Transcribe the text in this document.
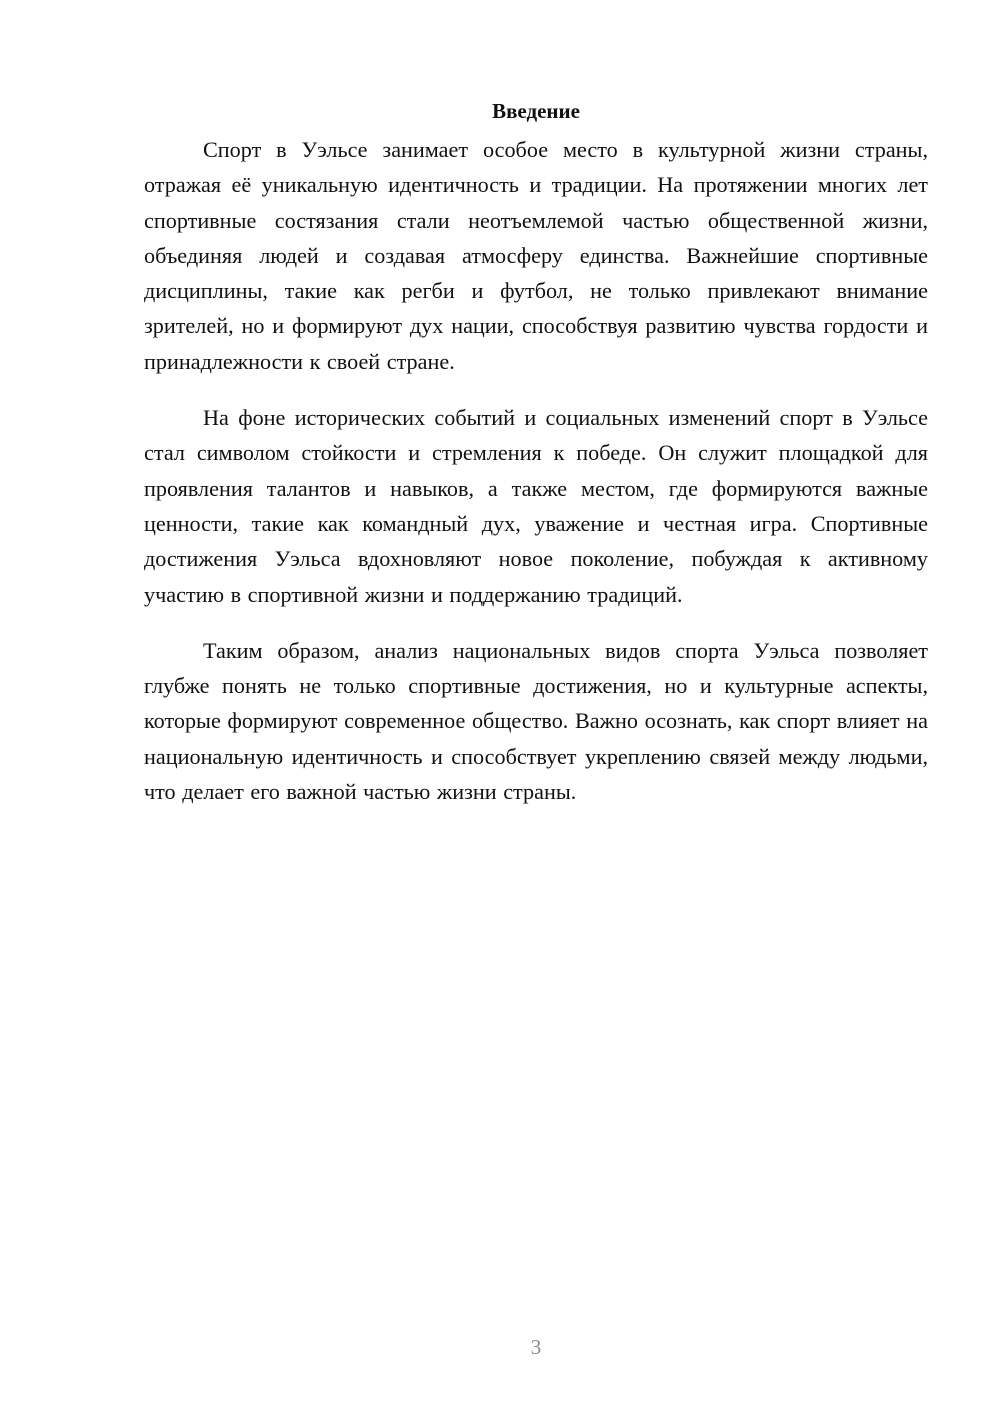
Введение

Спорт в Уэльсе занимает особое место в культурной жизни страны, отражая её уникальную идентичность и традиции. На протяжении многих лет спортивные состязания стали неотъемлемой частью общественной жизни, объединяя людей и создавая атмосферу единства. Важнейшие спортивные дисциплины, такие как регби и футбол, не только привлекают внимание зрителей, но и формируют дух нации, способствуя развитию чувства гордости и принадлежности к своей стране.

На фоне исторических событий и социальных изменений спорт в Уэльсе стал символом стойкости и стремления к победе. Он служит площадкой для проявления талантов и навыков, а также местом, где формируются важные ценности, такие как командный дух, уважение и честная игра. Спортивные достижения Уэльса вдохновляют новое поколение, побуждая к активному участию в спортивной жизни и поддержанию традиций.

Таким образом, анализ национальных видов спорта Уэльса позволяет глубже понять не только спортивные достижения, но и культурные аспекты, которые формируют современное общество. Важно осознать, как спорт влияет на национальную идентичность и способствует укреплению связей между людьми, что делает его важной частью жизни страны.

3
